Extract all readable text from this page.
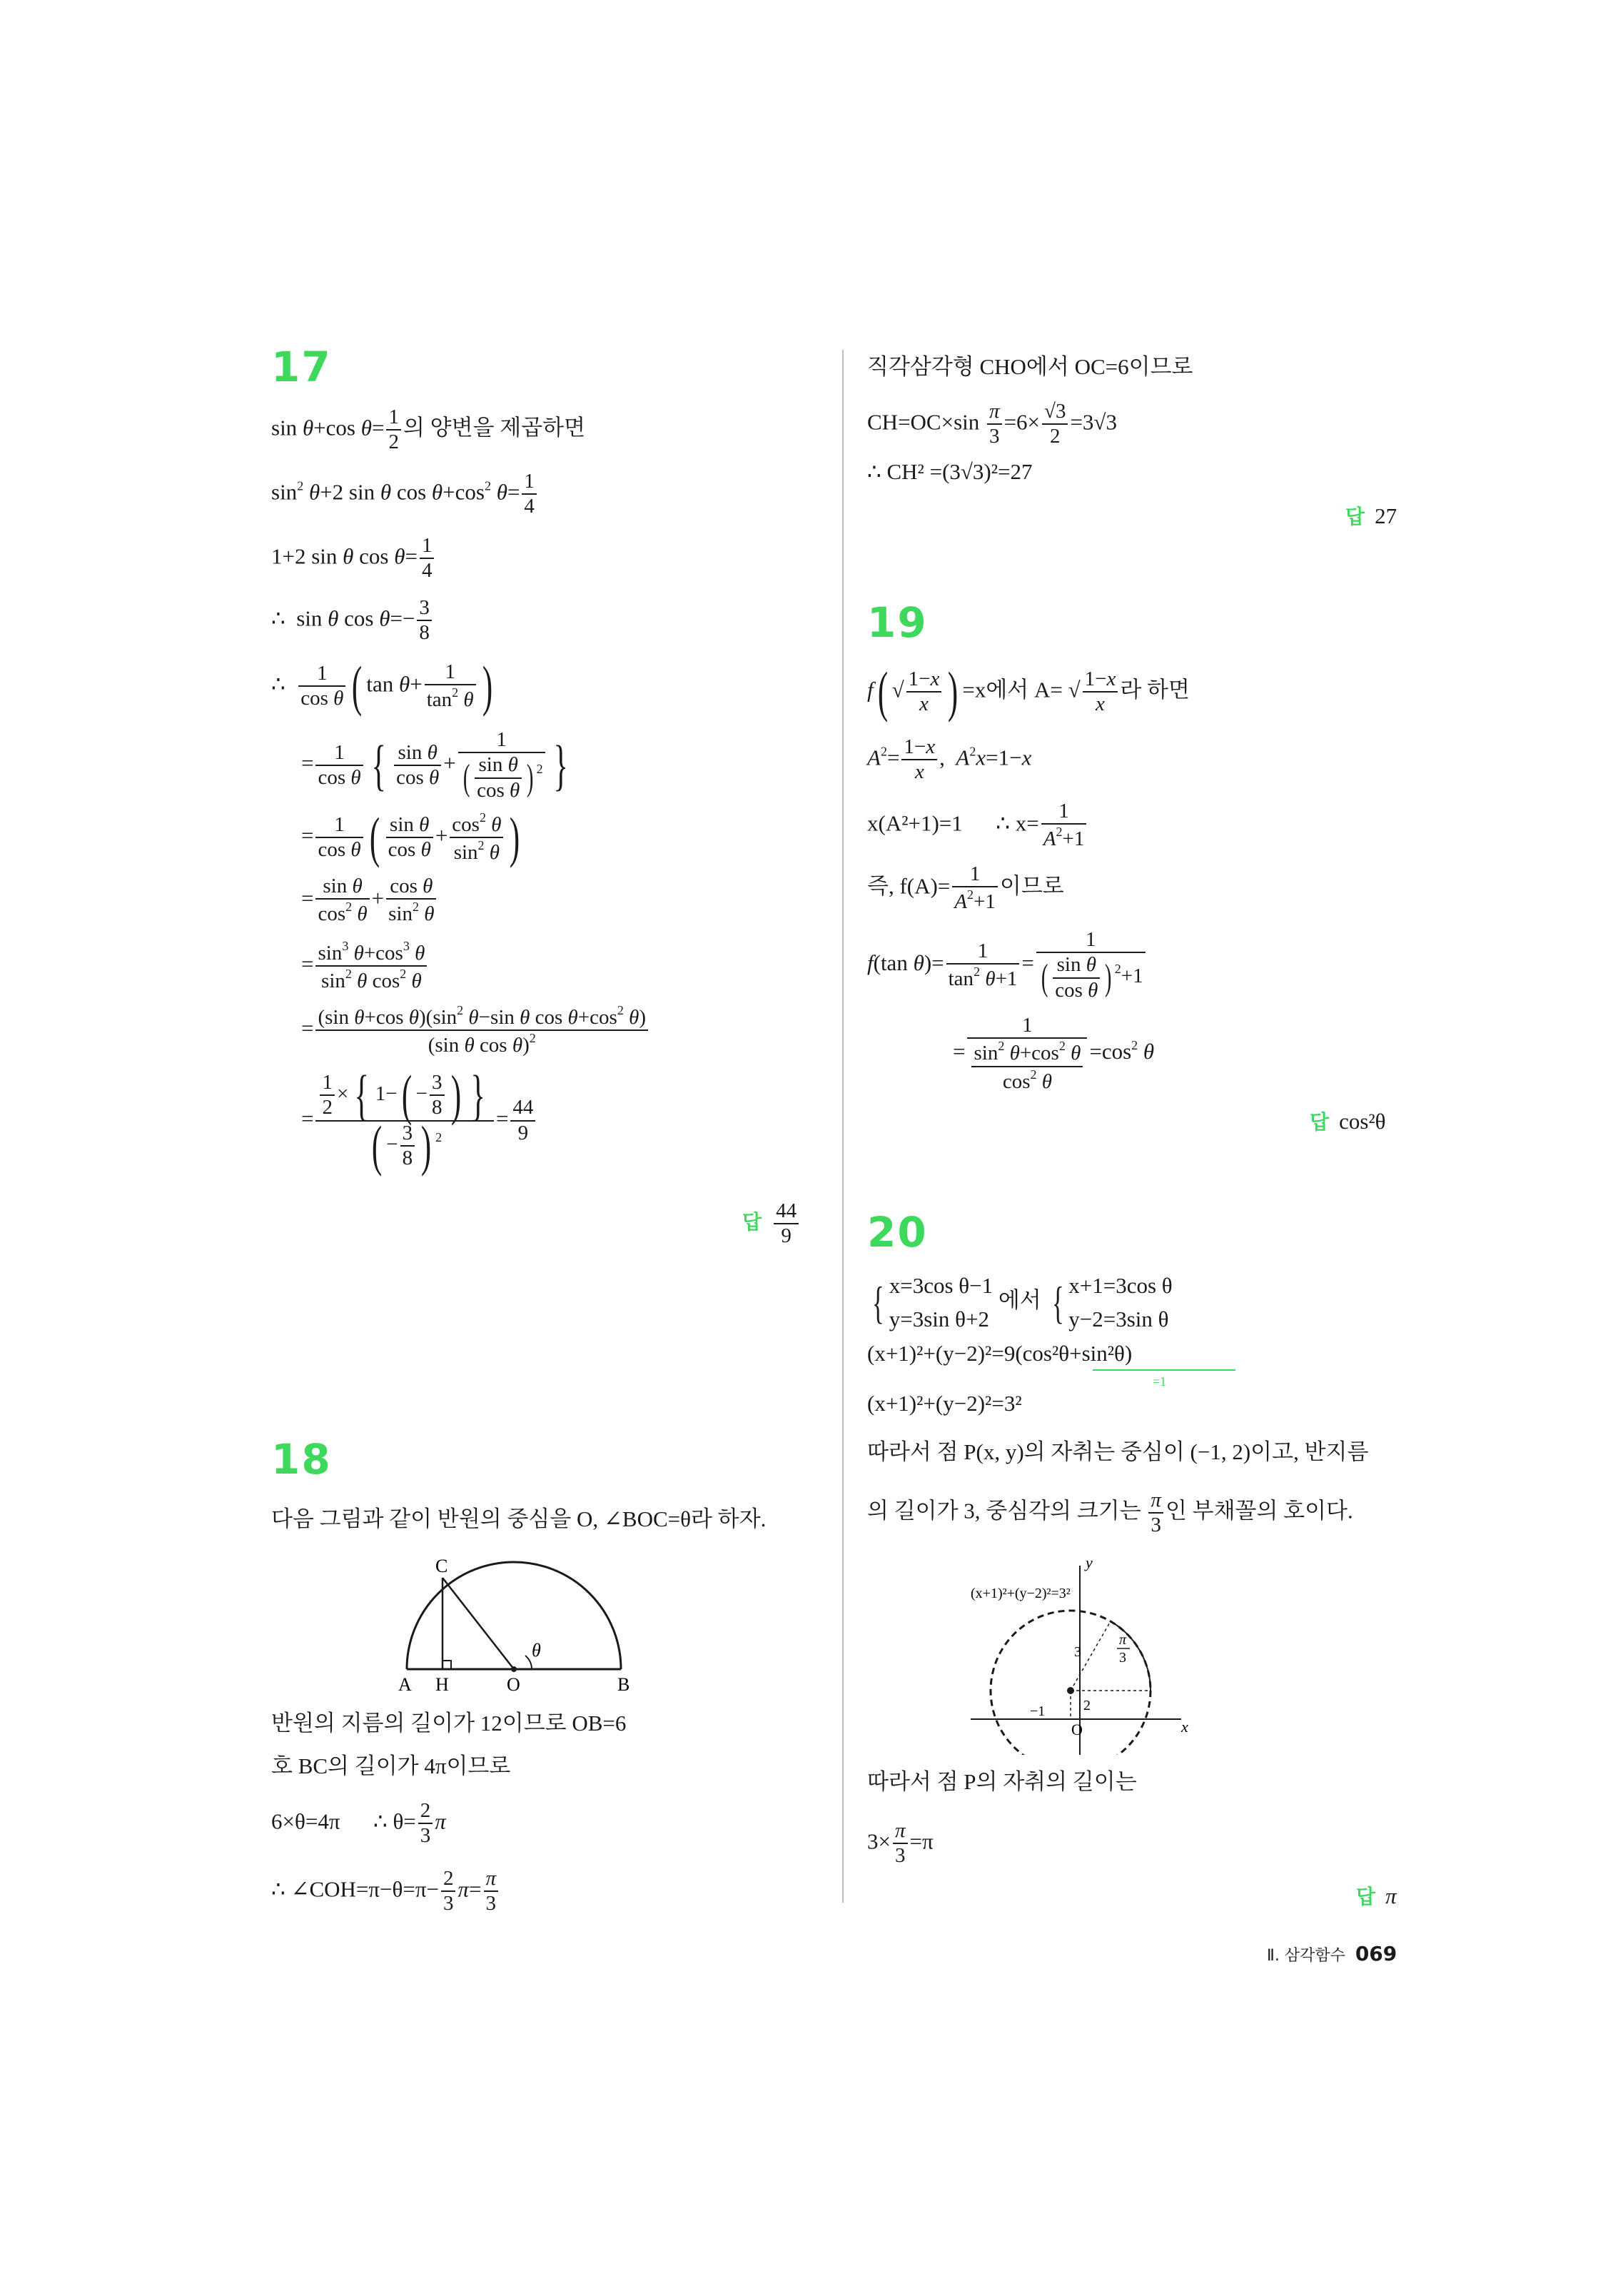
17
sin θ+cos $\theta= \frac{1}{2}$ 의 양변을 제곱하면
$\sin^2 \theta+2$ sin θ $\cos \theta+\cos^2$ $\theta= \frac{1}{4}$
1+2 sin θ $\cos \theta= \frac{1}{4}$
∴  sin θ $\cos \theta=- \frac{3}{8}$
∴ $\frac{1}{\text{cos θ}}$ ( $\tan \theta+ \frac{1}{\tan^2 \theta}$ )
= $\frac{1}{\text{cos θ}}$ { $\frac{\text{sin θ}}{\text{cos θ}} + \frac{1}{( \frac{\text{sin θ}}{\text{cos θ}} ) ^2}$ }
= $\frac{1}{\text{cos θ}}$ ( $\frac{\text{sin θ}}{\text{cos θ}} + \frac{\cos^2 \theta}{\sin^2 \theta}$ )
= $\frac{\text{sin θ}}{\cos^2 \theta} + \frac{\text{cos θ}}{\sin^2 \theta}$
= $\frac{\sin^3 \theta+\cos^3 \theta}{\sin^2 \theta \cos^2 \theta}$
= $\frac{(\sin \theta+\cos \theta)(\sin^2 \theta-\sin \theta \cos \theta+\cos^2 \theta)}{(\sin \theta \cos \theta)^2}$
= $\frac{\frac{1}{2} \times \{ 1-( - \frac{3}{8} ) \}}{( - \frac{3}{8} ) ^2} = \frac{44}{9}$
답 $\frac{44}{9}$
18
다음 그림과 같이 반원의 중심을 O, ∠BOC=θ라 하자.
A H	O	B
C
θ
반원의 지름의 길이가 12이므로 OB=6
호 BC의 길이가 4π이므로
6×θ=4π ∴ $\theta= \frac{2}{3}$ π
∴ ∠COH=π−θ=π− $\frac{2}{3} \pi= \frac{\pi}{3}$
직각삼각형 CHO에서 OC=6이므로
$CH=OC\times\sin \frac{\pi}{3} =6\times \frac{√3}{2} =3√3$
∴ CH² =(3√3)²=27
답 27
19
f( √ $\frac{1-x}{x}$ ) =x에서 A= √ $\frac{1-x}{x}$ 라 하면
$A^2= \frac{1-x}{x}$ ,  $A^2x=1-x$
x(A²+1)=1 ∴ $x= \frac{1}{A^2+1}$
즉, $f(A)= \frac{1}{A^2+1}$ 이므로
f(tan $\theta)= \frac{1}{\tan^2 \theta+1} = \frac{1}{( \frac{\text{sin θ}}{\text{cos θ}} ) ^2+1}$
= $\frac{1}{\frac{\sin^2 \theta+\cos^2 \theta}{\cos^2 \theta}} =\cos^2$ θ
답 cos²θ
20
{ x=3cos θ−1
y=3sin θ+2
에서 { x+1=3cos θ
y−2=3sin θ
(x+1)²+(y−2)²=9(cos²θ+sin²θ)
=1
(x+1)²+(y−2)²=3²
따라서 점 P(x, y)의 자취는 중심이 (−1, 2)이고, 반지름
의 길이가 3, 중심각의 크기는 $\frac{\pi}{3}$ 인 부채꼴의 호이다.
(x+1)²+(y−2)²=3²
y
x
O
3
2
−1
π
3
따라서 점 P의 자취의 길이는
$3\times \frac{\pi}{3} =\pi$
답 π
Ⅱ. 삼각함수 069
